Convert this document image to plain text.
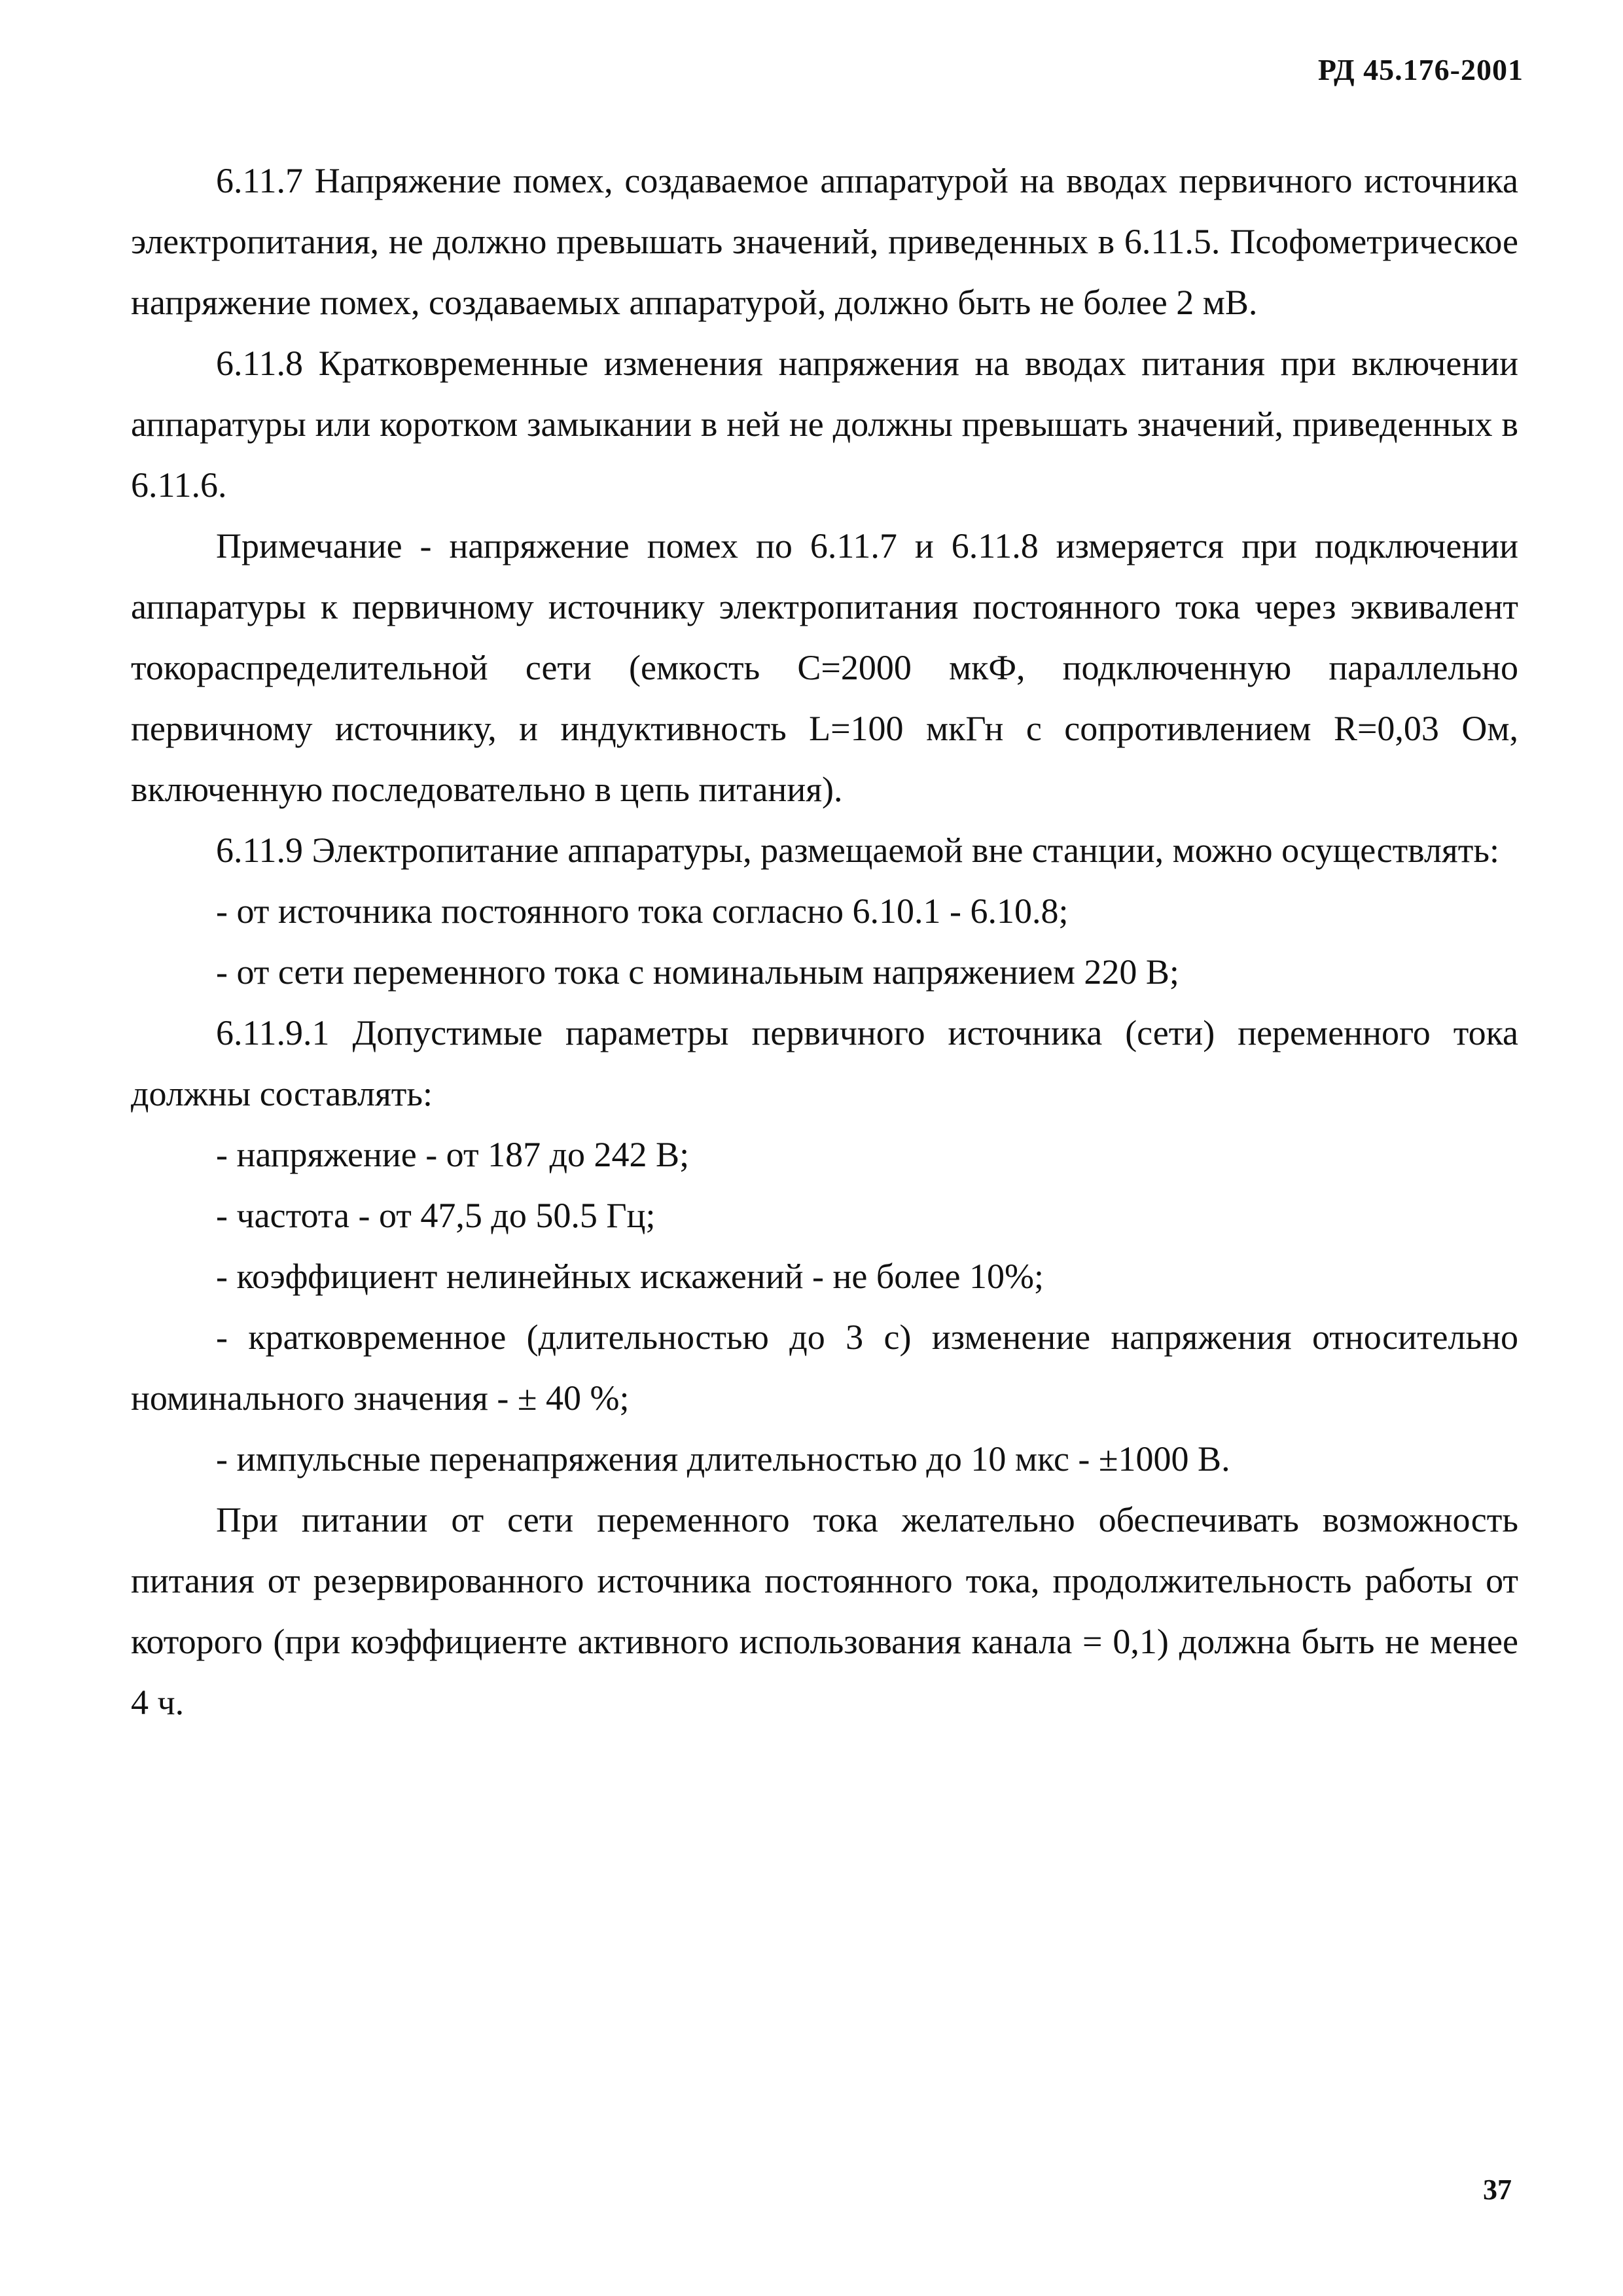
РД 45.176-2001

6.11.7 Напряжение помех, создаваемое аппаратурой на вводах первичного источника электропитания, не должно превышать значений, приведенных в 6.11.5. Псофометрическое напряжение помех, создаваемых аппаратурой, должно быть не более 2 мВ.

6.11.8 Кратковременные изменения напряжения на вводах питания при включении аппаратуры или коротком замыкании в ней не должны превышать значений, приведенных в 6.11.6.

Примечание - напряжение помех по 6.11.7 и 6.11.8 измеряется при подключении аппаратуры к первичному источнику электропитания постоянного тока через эквивалент токораспределительной сети (емкость С=2000 мкФ, подключенную параллельно первичному источнику, и индуктивность L=100 мкГн с сопротивлением R=0,03 Ом, включенную последовательно в цепь питания).

6.11.9 Электропитание аппаратуры, размещаемой вне станции, можно осуществлять:

- от источника постоянного тока согласно 6.10.1 - 6.10.8;

- от сети переменного тока с номинальным напряжением 220 В;

6.11.9.1 Допустимые параметры первичного источника (сети) переменного тока должны составлять:

- напряжение - от 187 до 242 В;

- частота - от 47,5 до 50.5 Гц;

- коэффициент нелинейных искажений - не более 10%;

- кратковременное (длительностью до 3 с) изменение напряжения относительно номинального значения - ± 40 %;

- импульсные перенапряжения длительностью до 10 мкс - ±1000 В.

При питании от сети переменного тока желательно обеспечивать возможность питания от резервированного источника постоянного тока, продолжительность работы от которого (при коэффициенте активного использования канала = 0,1) должна быть не менее 4 ч.

37
